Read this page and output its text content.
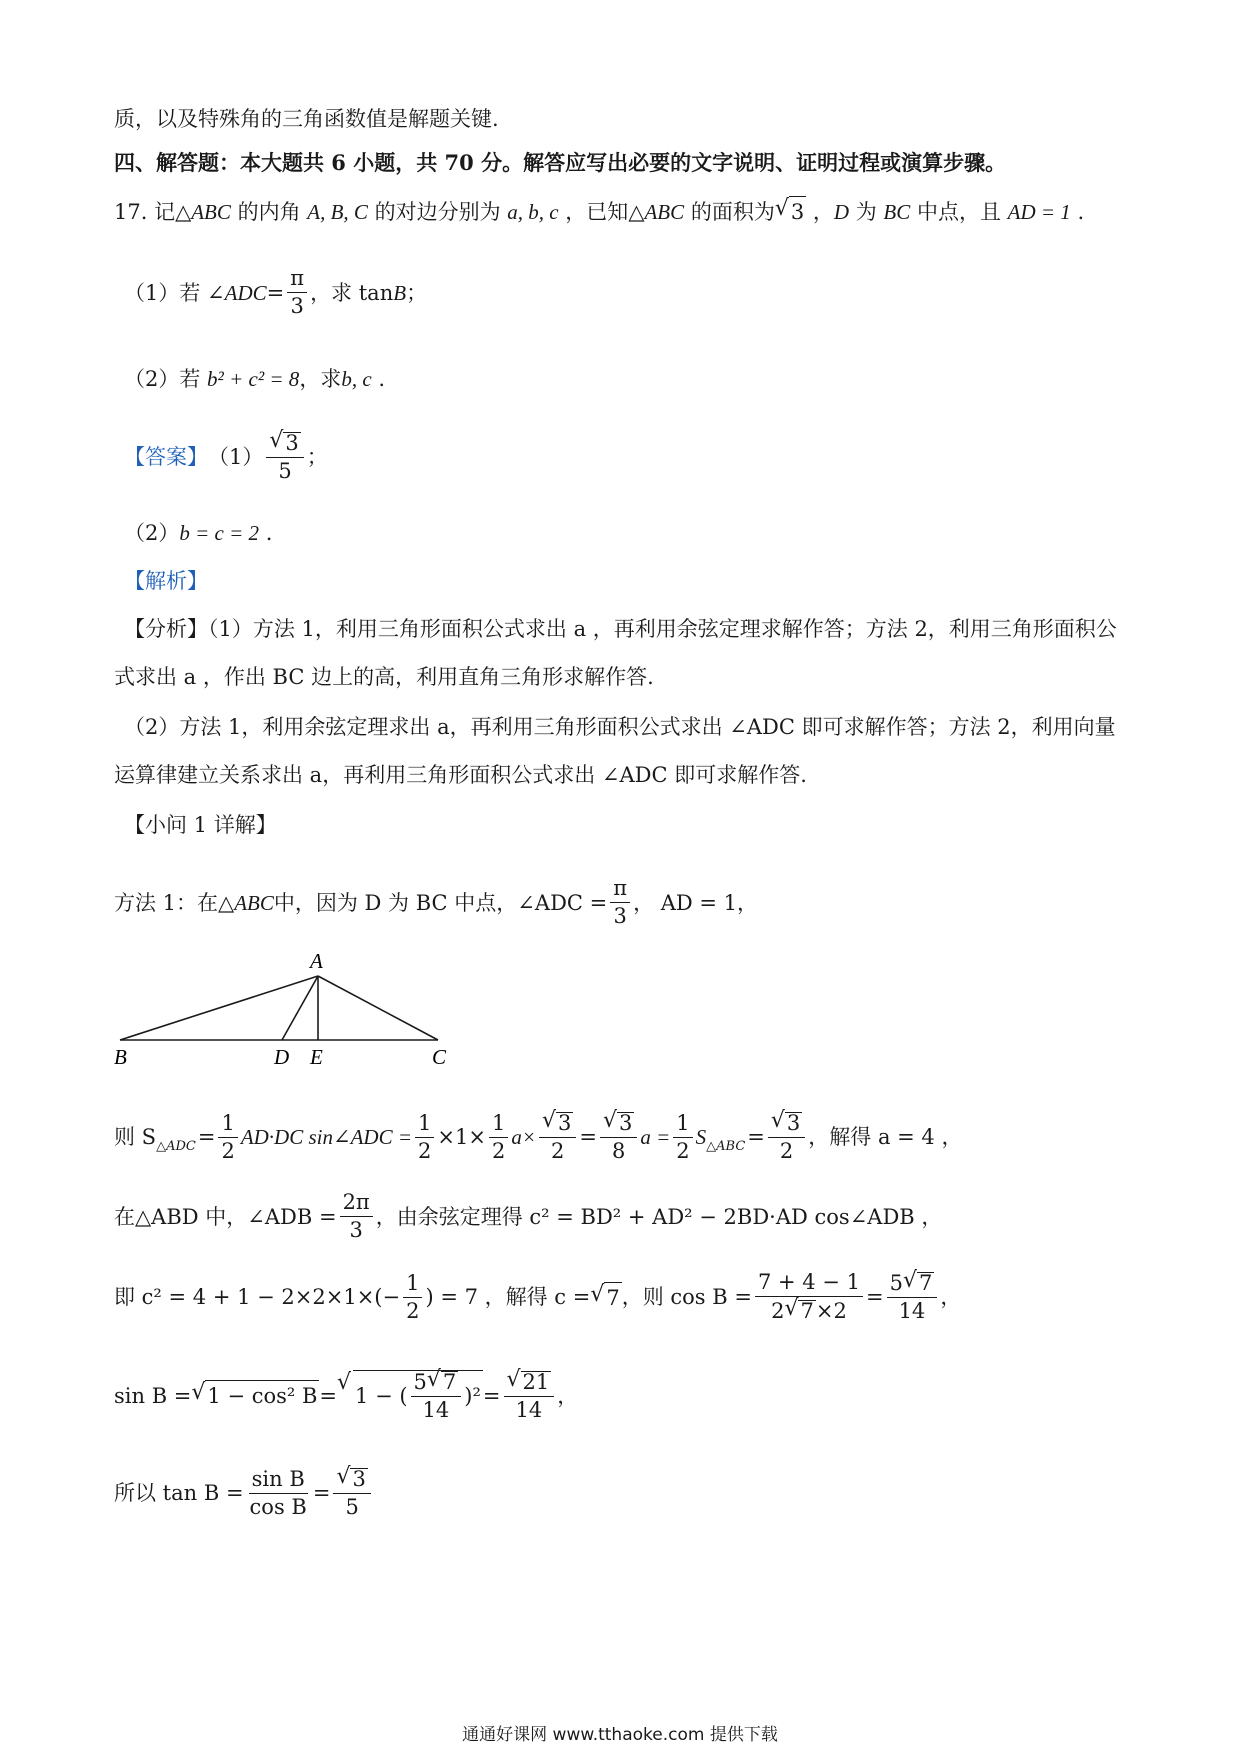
质，以及特殊角的三角函数值是解题关键.
四、解答题：本大题共 6 小题，共 70 分。解答应写出必要的文字说明、证明过程或演算步骤。
17. 记△ABC 的内角 A, B, C 的对边分别为 a, b, c ，已知△ABC 的面积为 √ 3 ，D 为 BC 中点，且 AD = 1 .
（1）若 ∠ ADC = $\frac{\pi}{3}$ ，求 tan B ；
（2）若 b² + c² = 8，求b, c .
【答案】 （1） √ $\frac{3}{5}$ ；
（2）b = c = 2 .
【解析】
【分析】（1）方法 1，利用三角形面积公式求出 a ，再利用余弦定理求解作答；方法 2，利用三角形面积公
式求出 a ，作出 BC 边上的高，利用直角三角形求解作答.
（2）方法 1，利用余弦定理求出 a，再利用三角形面积公式求出 ∠ADC 即可求解作答；方法 2，利用向量
运算律建立关系求出 a，再利用三角形面积公式求出 ∠ADC 即可求解作答.
【小问 1 详解】
方法 1：在 △ ABC 中，因为 D 为 BC 中点，∠ADC = $\frac{\pi}{3}$ ， AD = 1，
A
B	D E	C
则 S △ADC = $\frac{1}{2} AD\cdot DC$ sin∠ADC = $\frac{1}{2} \times 1\times \frac{1}{2} a\times$ √ $\frac{3}{2}$ = √ $\frac{3}{8}$ $a = \frac{1}{2}$ S △ABC = √ $\frac{3}{2}$ ，解得 a = 4 ，
在△ABD 中，∠ADB = $\frac{2\pi}{3}$ ，由余弦定理得 c² = BD² + AD² − 2BD·AD cos∠ADB ，
即 $c^2 = 4 + 1 - 2\times 2\times 1\times(- \frac{1}{2}$ ) = 7 ，解得 c = √ 7 ，则 $\cos B = \frac{7 + 4 - 1}{2 √ 7\times 2} = \frac{5 √ 7}{14}$ ，
sin B = √ 1 − cos² B = √ 1 − ( $\frac{5 √ 7}{14} )^2$ = √ $\frac{21}{14}$ ，
所以 $\tan B = \frac{\text{sin B}}{\text{cos B}}$ = √ $\frac{3}{5}$
通通好课网 www.tthaoke.com 提供下载
